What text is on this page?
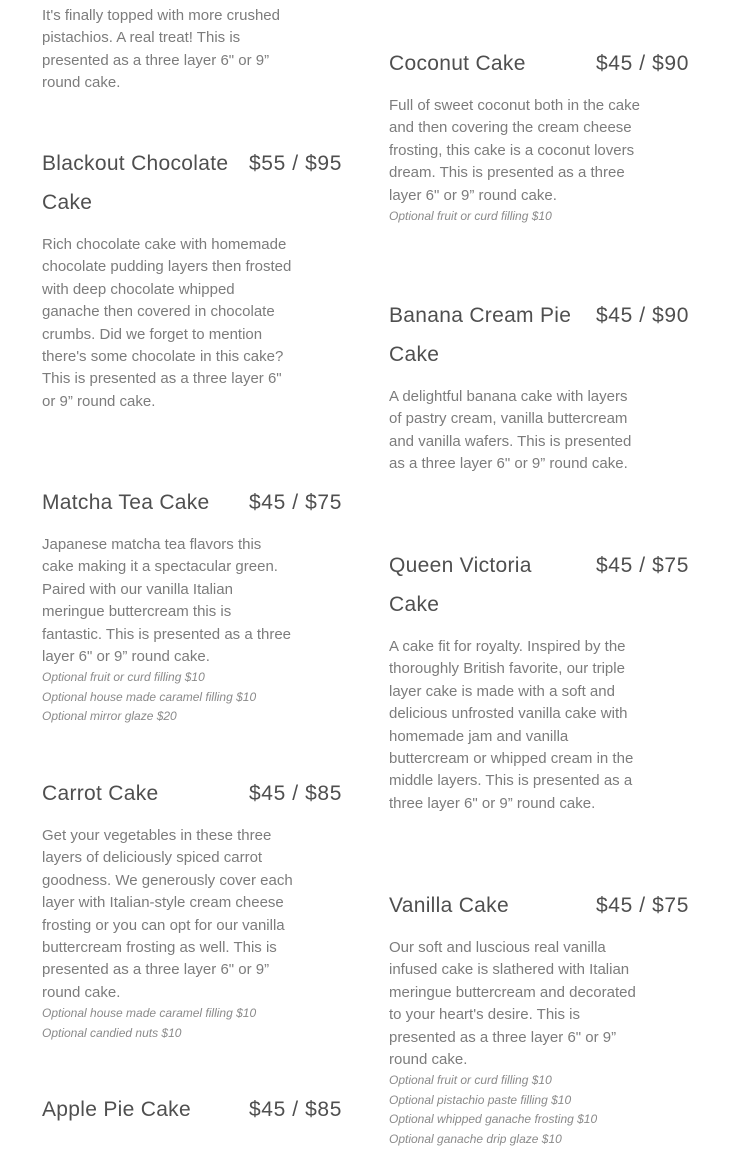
It's finally topped with more crushed pistachios. A real treat! This is presented as a three layer 6" or 9” round cake.
Blackout Chocolate Cake
$55 / $95
Rich chocolate cake with homemade chocolate pudding layers then frosted with deep chocolate whipped ganache then covered in chocolate crumbs. Did we forget to mention there's some chocolate in this cake? This is presented as a three layer 6" or 9” round cake.
Matcha Tea Cake	$45 / $75
Japanese matcha tea flavors this cake making it a spectacular green. Paired with our vanilla Italian meringue buttercream this is fantastic. This is presented as a three layer 6" or 9” round cake.
Optional fruit or curd filling $10
Optional house made caramel filling $10
Optional mirror glaze $20
Carrot Cake	$45 / $85
Get your vegetables in these three layers of deliciously spiced carrot goodness. We generously cover each layer with Italian-style cream cheese frosting or you can opt for our vanilla buttercream frosting as well. This is presented as a three layer 6" or 9” round cake.
Optional house made caramel filling $10
Optional candied nuts $10
Apple Pie Cake	$45 / $85
Coconut Cake	$45 / $90
Full of sweet coconut both in the cake and then covering the cream cheese frosting, this cake is a coconut lovers dream. This is presented as a three layer 6" or 9” round cake.
Optional fruit or curd filling $10
Banana Cream Pie Cake
$45 / $90
A delightful banana cake with layers of pastry cream, vanilla buttercream and vanilla wafers. This is presented as a three layer 6" or 9” round cake.
Queen Victoria Cake
$45 / $75
A cake fit for royalty. Inspired by the thoroughly British favorite, our triple layer cake is made with a soft and delicious unfrosted vanilla cake with homemade jam and vanilla buttercream or whipped cream in the middle layers. This is presented as a three layer 6" or 9” round cake.
Vanilla Cake	$45 / $75
Our soft and luscious real vanilla infused cake is slathered with Italian meringue buttercream and decorated to your heart's desire. This is presented as a three layer 6" or 9” round cake.
Optional fruit or curd filling $10
Optional pistachio paste filling $10
Optional whipped ganache frosting $10
Optional ganache drip glaze $10
